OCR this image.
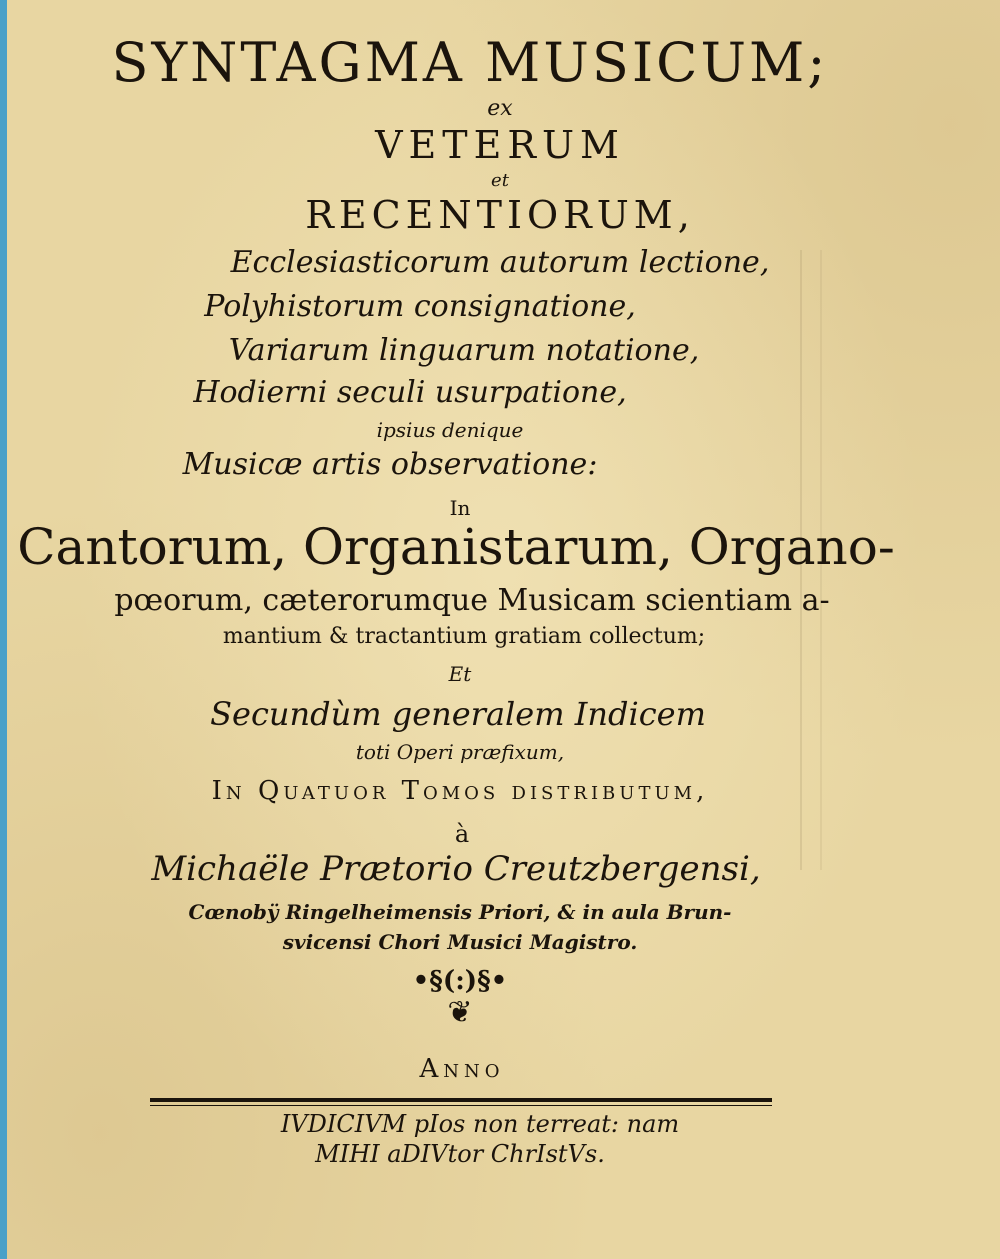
SYNTAGMA MUSICUM;
ex
VETERUM
et
RECENTIORUM,
Ecclesiasticorum autorum lectione,
Polyhistorum consignatione,
Variarum linguarum notatione,
Hodierni seculi usurpatione,
ipsius denique
Musicæ artis observatione:
In
Cantorum, Organistarum, Organo-
pœorum, cæterorumque Musicam scientiam a-
mantium & tractantium gratiam collectum;
Et
Secundùm generalem Indicem
toti Operi præfixum,
In Quatuor Tomos distributum,
à
Michaële Prætorio Creutzbergensi,
Cœnobÿ Ringelheimensis Priori, & in aula Brun-
svicensi Chori Musici Magistro.
•§(:)§•
❦
Anno
IVDICIVM pIos non terreat: nam
MIHI aDIVtor ChrIstVs.
